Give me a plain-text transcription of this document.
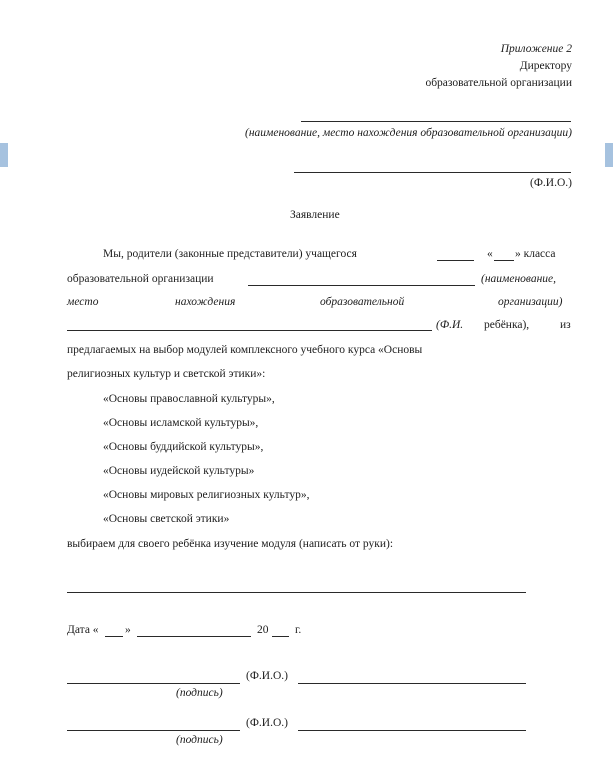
Приложение 2
Директору
образовательной организации
(наименование, место нахождения образовательной организации)
(Ф.И.О.)
Заявление
Мы, родители (законные представители) учащегося	« » класса
образовательной организации	(наименование,
место	нахождения	образовательной	организации)
(Ф.И. ребёнка),	из
предлагаемых на выбор модулей комплексного учебного курса «Основы
религиозных культур и светской этики»:
«Основы православной культуры»,
«Основы исламской культуры»,
«Основы буддийской культуры»,
«Основы иудейской культуры»
«Основы мировых религиозных культур»,
«Основы светской этики»
выбираем для своего ребёнка изучение модуля (написать от руки):
Дата « »	20 г.
(Ф.И.О.)
(подпись)
(Ф.И.О.)
(подпись)
